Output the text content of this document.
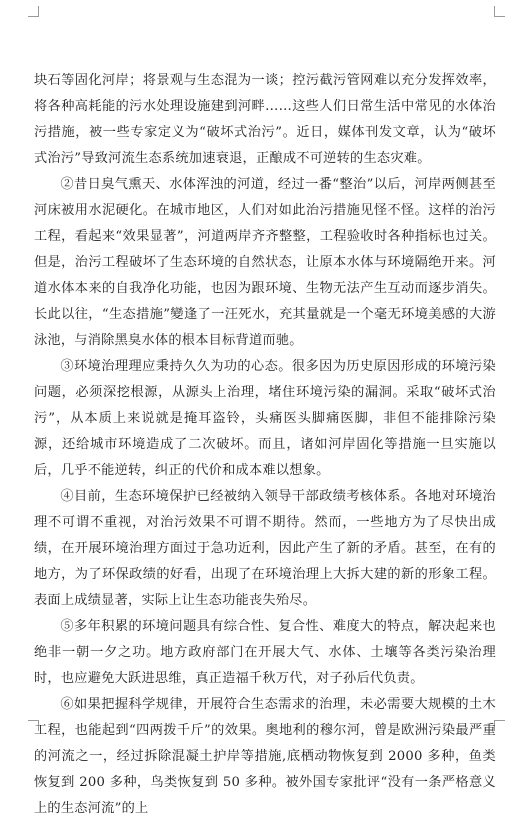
块石等固化河岸；将景观与生态混为一谈；控污截污管网难以充分发挥效率，将各种高耗能的污水处理设施建到河畔……这些人们日常生活中常见的水体治污措施，被一些专家定义为“破坏式治污”。近日，媒体刊发文章，认为“破坏式治污”导致河流生态系统加速衰退，正酿成不可逆转的生态灾难。

②昔日臭气熏天、水体浑浊的河道，经过一番“整治”以后，河岸两侧甚至河床被用水泥硬化。在城市地区，人们对如此治污措施见怪不怪。这样的治污工程，看起来“效果显著”，河道两岸齐齐整整，工程验收时各种指标也过关。但是，治污工程破坏了生态环境的自然状态，让原本水体与环境隔绝开来。河道水体本来的自我净化功能，也因为跟环境、生物无法产生互动而逐步消失。长此以往，“生态措施”變逢了一汪死水，充其量就是一个毫无环境美感的大游泳池，与消除黑臭水体的根本目标背道而驰。

③环境治理理应秉持久久为功的心态。很多因为历史原因形成的环境污染问题，必须深挖根源，从源头上治理，堵住环境污染的漏洞。采取“破坏式治污”，从本质上来说就是掩耳盗铃，头痛医头脚痛医脚，非但不能排除污染源，还给城市环境造成了二次破坏。而且，诸如河岸固化等措施一旦实施以后，几乎不能逆转，纠正的代价和成本难以想象。

④目前，生态环境保护已经被纳入领导干部政绩考核体系。各地对环境治理不可谓不重视，对治污效果不可谓不期待。然而，一些地方为了尽快出成绩，在开展环境治理方面过于急功近利，因此产生了新的矛盾。甚至，在有的地方，为了环保政绩的好看，出现了在环境治理上大拆大建的新的形象工程。表面上成绩显著，实际上让生态功能丧失殆尽。

⑤多年积累的环境问题具有综合性、复合性、难度大的特点，解决起来也绝非一朝一夕之功。地方政府部门在开展大气、水体、土壤等各类污染治理时，也应避免大跃进思维，真正造福千秋万代，对子孙后代负责。

⑥如果把握科学规律，开展符合生态需求的治理，未必需要大规模的土木工程，也能起到“四两拨千斤”的效果。奥地利的穆尔河，曾是欧洲污染最严重的河流之一，经过拆除混凝土护岸等措施,底栖动物恢复到 2000 多种，鱼类恢复到 200 多种，鸟类恢复到 50 多种。被外国专家批评“没有一条严格意义上的生态河流”的上
